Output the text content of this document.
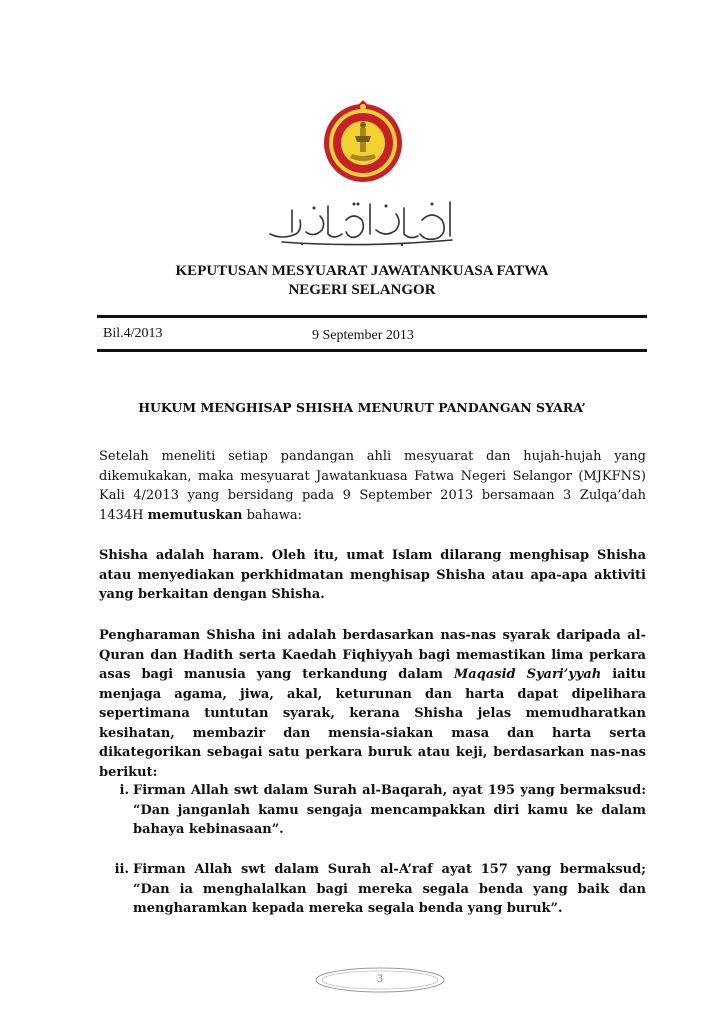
KEPUTUSAN MESYUARAT JAWATANKUASA FATWA
NEGERI SELANGOR
Bil.4/2013	9 September 2013
HUKUM MENGHISAP SHISHA MENURUT PANDANGAN SYARA’
Setelah meneliti setiap pandangan ahli mesyuarat dan hujah-hujah yang dikemukakan, maka mesyuarat Jawatankuasa Fatwa Negeri Selangor (MJKFNS) Kali 4/2013 yang bersidang pada 9 September 2013 bersamaan 3 Zulqa’dah 1434H memutuskan bahawa:
Shisha adalah haram. Oleh itu, umat Islam dilarang menghisap Shisha atau menyediakan perkhidmatan menghisap Shisha atau apa-apa aktiviti yang berkaitan dengan Shisha.
Pengharaman Shisha ini adalah berdasarkan nas-nas syarak daripada al-Quran dan Hadith serta Kaedah Fiqhiyyah bagi memastikan lima perkara asas bagi manusia yang terkandung dalam Maqasid Syari’yyah iaitu menjaga agama, jiwa, akal, keturunan dan harta dapat dipelihara sepertimana tuntutan syarak, kerana Shisha jelas memudharatkan kesihatan, membazir dan mensia-siakan masa dan harta serta dikategorikan sebagai satu perkara buruk atau keji, berdasarkan nas-nas berikut:
i. Firman Allah swt dalam Surah al-Baqarah, ayat 195 yang bermaksud: “Dan janganlah kamu sengaja mencampakkan diri kamu ke dalam bahaya kebinasaan”.
ii. Firman Allah swt dalam Surah al-A’raf ayat 157 yang bermaksud; “Dan ia menghalalkan bagi mereka segala benda yang baik dan mengharamkan kepada mereka segala benda yang buruk”.
3
